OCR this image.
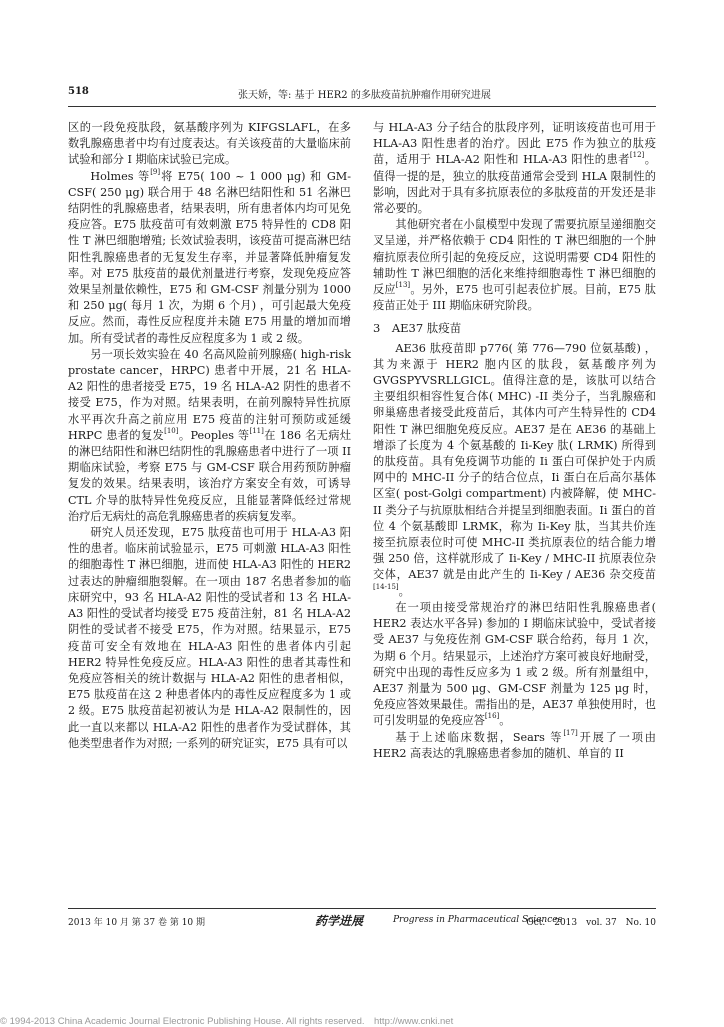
518	张天娇，等: 基于 HER2 的多肽疫苗抗肿瘤作用研究进展

区的一段免疫肽段，氨基酸序列为 KIFGSLAFL，在多数乳腺癌患者中均有过度表达。有关该疫苗的大量临床前试验和部分 I 期临床试验已完成。

Holmes 等[9]将 E75( 100 ~ 1 000 μg) 和 GM-CSF( 250 μg) 联合用于 48 名淋巴结阳性和 51 名淋巴结阴性的乳腺癌患者，结果表明，所有患者体内均可见免疫应答。E75 肽疫苗可有效刺激 E75 特异性的 CD8 阳性 T 淋巴细胞增殖; 长效试验表明，该疫苗可提高淋巴结阳性乳腺癌患者的无复发生存率，并显著降低肿瘤复发率。对 E75 肽疫苗的最优剂量进行考察，发现免疫应答效果呈剂量依赖性，E75 和 GM-CSF 剂量分别为 1000 和 250 μg( 每月 1 次，为期 6 个月) ，可引起最大免疫反应。然而，毒性反应程度并未随 E75 用量的增加而增加。所有受试者的毒性反应程度多为 1 或 2 级。

另一项长效实验在 40 名高风险前列腺癌( high-risk prostate cancer，HRPC) 患者中开展，21 名 HLA-A2 阳性的患者接受 E75，19 名 HLA-A2 阴性的患者不接受 E75，作为对照。结果表明，在前列腺特异性抗原水平再次升高之前应用 E75 疫苗的注射可预防或延缓 HRPC 患者的复发[10]。Peoples 等[11]在 186 名无病灶的淋巴结阳性和淋巴结阴性的乳腺癌患者中进行了一项 II 期临床试验，考察 E75 与 GM-CSF 联合用药预防肿瘤复发的效果。结果表明，该治疗方案安全有效，可诱导 CTL 介导的肽特异性免疫反应，且能显著降低经过常规治疗后无病灶的高危乳腺癌患者的疾病复发率。

研究人员还发现，E75 肽疫苗也可用于 HLA-A3 阳性的患者。临床前试验显示，E75 可刺激 HLA-A3 阳性的细胞毒性 T 淋巴细胞，进而使 HLA-A3 阳性的 HER2 过表达的肿瘤细胞裂解。在一项由 187 名患者参加的临床研究中，93 名 HLA-A2 阳性的受试者和 13 名 HLA-A3 阳性的受试者均接受 E75 疫苗注射，81 名 HLA-A2 阴性的受试者不接受 E75，作为对照。结果显示，E75 疫苗可安全有效地在 HLA-A3 阳性的患者体内引起 HER2 特异性免疫反应。HLA-A3 阳性的患者其毒性和免疫应答相关的统计数据与 HLA-A2 阳性的患者相似，E75 肽疫苗在这 2 种患者体内的毒性反应程度多为 1 或 2 级。E75 肽疫苗起初被认为是 HLA-A2 限制性的，因此一直以来都以 HLA-A2 阳性的患者作为受试群体，其他类型患者作为对照; 一系列的研究证实，E75 具有可以

与 HLA-A3 分子结合的肽段序列，证明该疫苗也可用于 HLA-A3 阳性患者的治疗。因此 E75 作为独立的肽疫苗，适用于 HLA-A2 阳性和 HLA-A3 阳性的患者[12]。值得一提的是，独立的肽疫苗通常会受到 HLA 限制性的影响，因此对于具有多抗原表位的多肽疫苗的开发还是非常必要的。

其他研究者在小鼠模型中发现了需要抗原呈递细胞交叉呈递，并严格依赖于 CD4 阳性的 T 淋巴细胞的一个肿瘤抗原表位所引起的免疫反应，这说明需要 CD4 阳性的辅助性 T 淋巴细胞的活化来维持细胞毒性 T 淋巴细胞的反应[13]。另外，E75 也可引起表位扩展。目前，E75 肽疫苗正处于 III 期临床研究阶段。

3　AE37 肽疫苗

AE36 肽疫苗即 p776( 第 776—790 位氨基酸) ，其为来源于 HER2 胞内区的肽段，氨基酸序列为 GVGSPYVSRLLGICL。值得注意的是，该肽可以结合主要组织相容性复合体( MHC) -II 类分子，当乳腺癌和卵巢癌患者接受此疫苗后，其体内可产生特异性的 CD4 阳性 T 淋巴细胞免疫反应。AE37 是在 AE36 的基础上增添了长度为 4 个氨基酸的 Ii-Key 肽( LRMK) 所得到的肽疫苗。具有免疫调节功能的 Ii 蛋白可保护处于内质网中的 MHC-II 分子的结合位点，Ii 蛋白在后高尔基体区室( post-Golgi compartment) 内被降解，使 MHC-II 类分子与抗原肽相结合并提呈到细胞表面。Ii 蛋白的首位 4 个氨基酸即 LRMK，称为 Ii-Key 肽，当其共价连接至抗原表位时可使 MHC-II 类抗原表位的结合能力增强 250 倍，这样就形成了 Ii-Key / MHC-II 抗原表位杂交体，AE37 就是由此产生的 Ii-Key / AE36 杂交疫苗[14-15]。

在一项由接受常规治疗的淋巴结阳性乳腺癌患者( HER2 表达水平各异) 参加的 I 期临床试验中，受试者接受 AE37 与免疫佐剂 GM-CSF 联合给药，每月 1 次，为期 6 个月。结果显示，上述治疗方案可被良好地耐受，研究中出现的毒性反应多为 1 或 2 级。所有剂量组中，AE37 剂量为 500 μg、GM-CSF 剂量为 125 μg 时，免疫应答效果最佳。需指出的是，AE37 单独使用时，也可引发明显的免疫应答[16]。

基于上述临床数据，Sears 等[17]开展了一项由 HER2 高表达的乳腺癌患者参加的随机、单盲的 II

2013 年 10 月 第 37 卷 第 10 期	药学进展	Progress in Pharmaceutical Sciences
Oct.　2013　vol. 37　No. 10
© 1994-2013 China Academic Journal Electronic Publishing House. All rights reserved.　http://www.cnki.net
